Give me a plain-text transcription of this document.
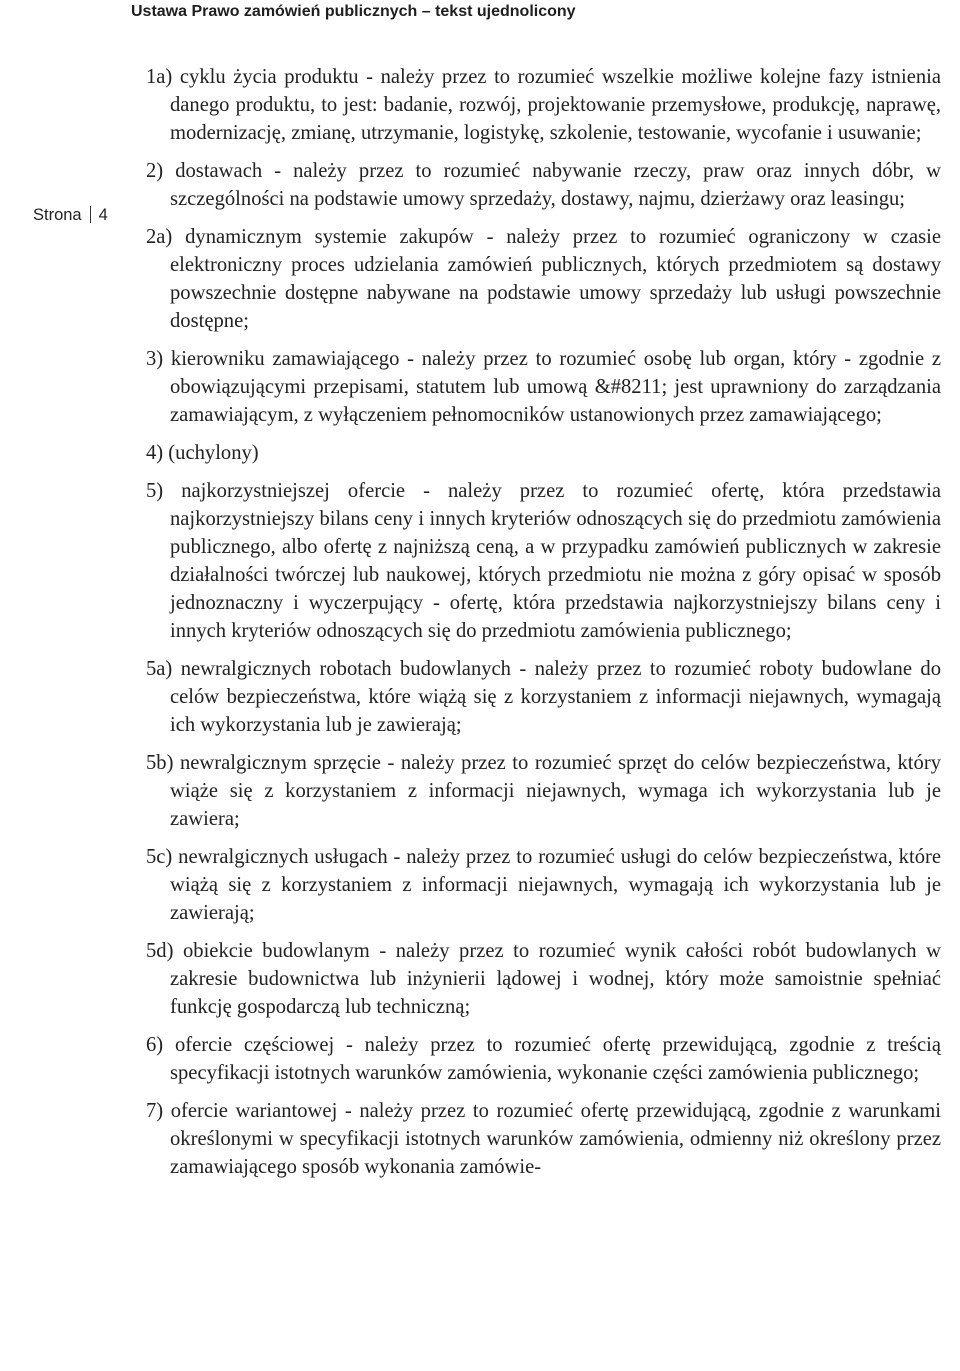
Ustawa Prawo zamówień publicznych – tekst ujednolicony
Strona 4

1a) cyklu życia produktu - należy przez to rozumieć wszelkie możliwe kolejne fazy istnienia danego produktu, to jest: badanie, rozwój, projektowanie przemysłowe, produkcję, naprawę, modernizację, zmianę, utrzymanie, logistykę, szkolenie, testowanie, wycofanie i usuwanie;

2) dostawach - należy przez to rozumieć nabywanie rzeczy, praw oraz innych dóbr, w szczególności na podstawie umowy sprzedaży, dostawy, najmu, dzierżawy oraz leasingu;

2a) dynamicznym systemie zakupów - należy przez to rozumieć ograniczony w czasie elektroniczny proces udzielania zamówień publicznych, których przedmiotem są dostawy powszechnie dostępne nabywane na podstawie umowy sprzedaży lub usługi powszechnie dostępne;

3) kierowniku zamawiającego - należy przez to rozumieć osobę lub organ, który - zgodnie z obowiązującymi przepisami, statutem lub umową &#8211; jest uprawniony do zarządzania zamawiającym, z wyłączeniem pełnomocników ustanowionych przez zamawiającego;

4) (uchylony)

5) najkorzystniejszej ofercie - należy przez to rozumieć ofertę, która przedstawia najkorzystniejszy bilans ceny i innych kryteriów odnoszących się do przedmiotu zamówienia publicznego, albo ofertę z najniższą ceną, a w przypadku zamówień publicznych w zakresie działalności twórczej lub naukowej, których przedmiotu nie można z góry opisać w sposób jednoznaczny i wyczerpujący - ofertę, która przedstawia najkorzystniejszy bilans ceny i innych kryteriów odnoszących się do przedmiotu zamówienia publicznego;

5a) newralgicznych robotach budowlanych - należy przez to rozumieć roboty budowlane do celów bezpieczeństwa, które wiążą się z korzystaniem z informacji niejawnych, wymagają ich wykorzystania lub je zawierają;

5b) newralgicznym sprzęcie - należy przez to rozumieć sprzęt do celów bezpieczeństwa, który wiąże się z korzystaniem z informacji niejawnych, wymaga ich wykorzystania lub je zawiera;

5c) newralgicznych usługach - należy przez to rozumieć usługi do celów bezpieczeństwa, które wiążą się z korzystaniem z informacji niejawnych, wymagają ich wykorzystania lub je zawierają;

5d) obiekcie budowlanym - należy przez to rozumieć wynik całości robót budowlanych w zakresie budownictwa lub inżynierii lądowej i wodnej, który może samoistnie spełniać funkcję gospodarczą lub techniczną;

6) ofercie częściowej - należy przez to rozumieć ofertę przewidującą, zgodnie z treścią specyfikacji istotnych warunków zamówienia, wykonanie części zamówienia publicznego;

7) ofercie wariantowej - należy przez to rozumieć ofertę przewidującą, zgodnie z warunkami określonymi w specyfikacji istotnych warunków zamówienia, odmienny niż określony przez zamawiającego sposób wykonania zamówie-
